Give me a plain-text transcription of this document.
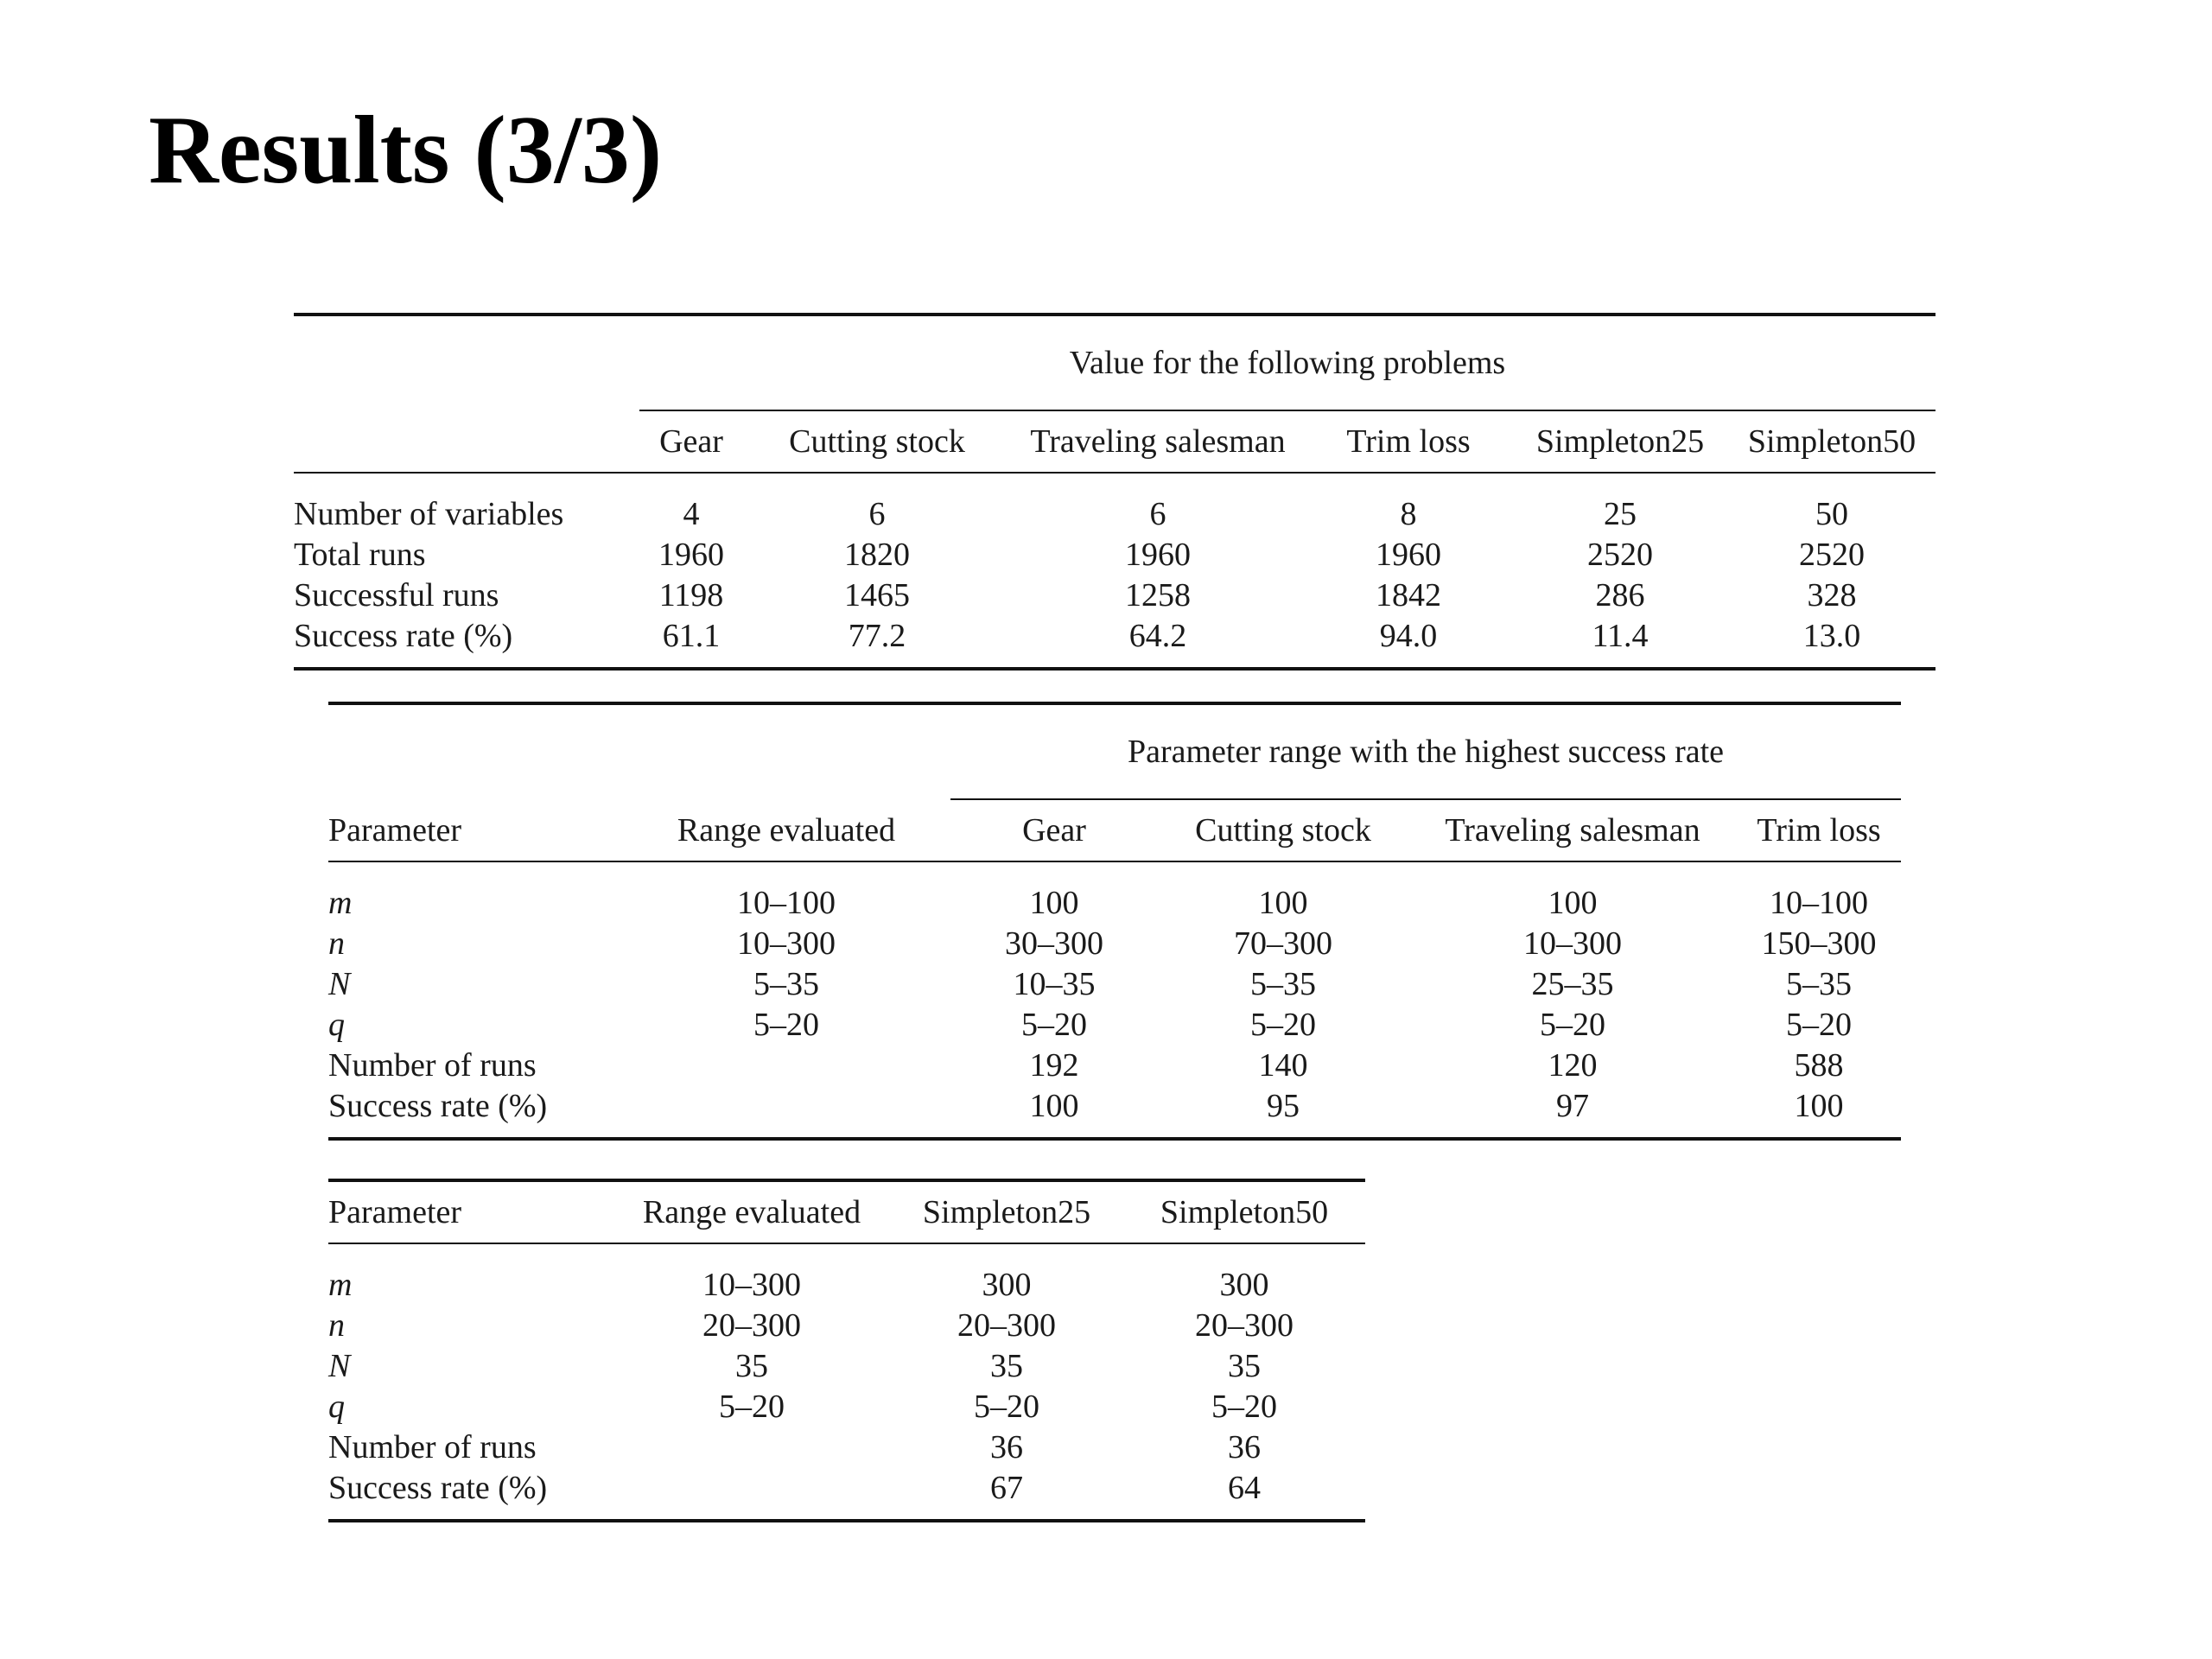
Results (3/3)

	Value for the following problems					

	Gear	Cutting stock	Traveling salesman	Trim loss	Simpleton25	Simpleton50

Number of variables	4	6	6	8	25	50
Total runs	1960	1820	1960	1960	2520	2520
Successful runs	1198	1465	1258	1842	286	328
Success rate (%)	61.1	77.2	64.2	94.0	11.4	13.0

		Parameter range with the highest success rate			

Parameter	Range evaluated	Gear	Cutting stock	Traveling salesman	Trim loss

m	10–100	100	100	100	10–100
n	10–300	30–300	70–300	10–300	150–300
N	5–35	10–35	5–35	25–35	5–35
q	5–20	5–20	5–20	5–20	5–20
Number of runs		192	140	120	588
Success rate (%)		100	95	97	100

Parameter	Range evaluated	Simpleton25	Simpleton50

m	10–300	300	300
n	20–300	20–300	20–300
N	35	35	35
q	5–20	5–20	5–20
Number of runs		36	36
Success rate (%)		67	64
